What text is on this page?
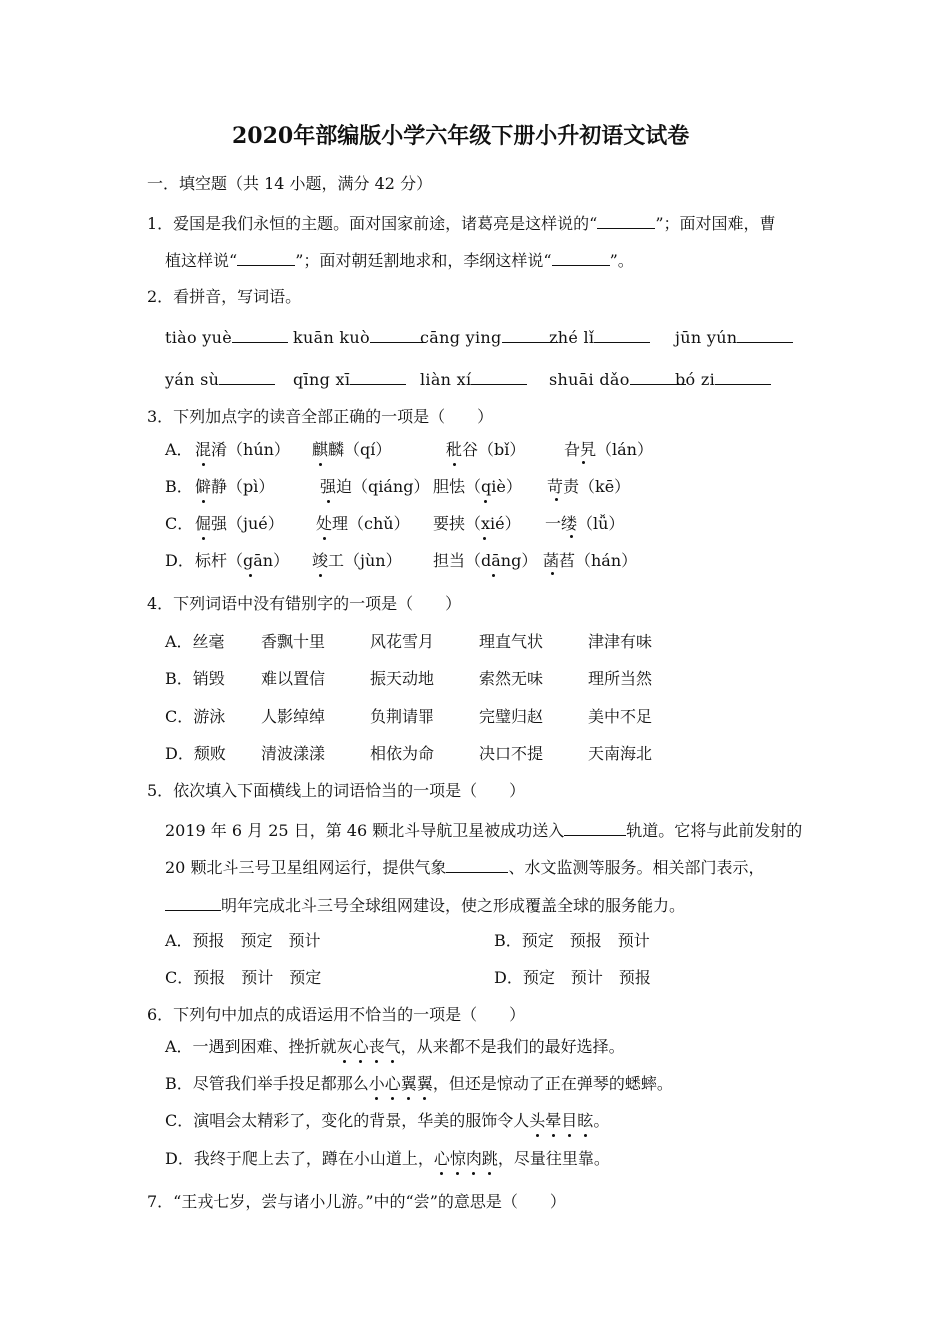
2020年部编版小学六年级下册小升初语文试卷
一．填空题（共 14 小题，满分 42 分）
1．爱国是我们永恒的主题。面对国家前途，诸葛亮是这样说的“	”；面对国难，曹
植这样说“	”；面对朝廷割地求和，李纲这样说“	”。
2．看拼音，写词语。
tiào yuè	kuān kuò	cāng ying	zhé lǐ	jūn yún
yán sù	qīng xī	liàn xí	shuāi dǎo	bó zi
3．下列加点字的读音全部正确的一项是（　　）
A． 混淆（hún） 麒麟（qí）	秕谷（bǐ） 旮旯（lán）
B． 僻静（pì）	强迫（qiáng） 胆怯（qiè） 苛责（kē）
C． 倔强（jué） 处理（chǔ） 要挟（xié） 一缕（lǚ）
D． 标杆（gān） 竣工（jùn） 担当（dāng） 菡萏（hán）
4．下列词语中没有错别字的一项是（　　）
A．丝毫 香飘十里	风花雪月	理直气状	津津有味
B．销毁 难以置信	振天动地	索然无味	理所当然
C．游泳 人影绰绰	负荆请罪	完璧归赵	美中不足
D．颓败 清波漾漾	相依为命	决口不提	天南海北
5．依次填入下面横线上的词语恰当的一项是（　　）
2019 年 6 月 25 日，第 46 颗北斗导航卫星被成功送入	轨道。它将与此前发射的
20 颗北斗三号卫星组网运行，提供气象	、水文监测等服务。相关部门表示，
明年完成北斗三号全球组网建设，使之形成覆盖全球的服务能力。
A．预报　预定　预计	B．预定　预报　预计
C．预报　预计　预定	D．预定　预计　预报
6．下列句中加点的成语运用不恰当的一项是（　　）
A．一遇到困难、挫折就灰心丧气，从来都不是我们的最好选择。
B．尽管我们举手投足都那么小心翼翼，但还是惊动了正在弹琴的蟋蟀。
C．演唱会太精彩了，变化的背景，华美的服饰令人头晕目眩。
D．我终于爬上去了，蹲在小山道上，心惊肉跳，尽量往里靠。
7．“王戎七岁，尝与诸小儿游。”中的“尝”的意思是（　　）
